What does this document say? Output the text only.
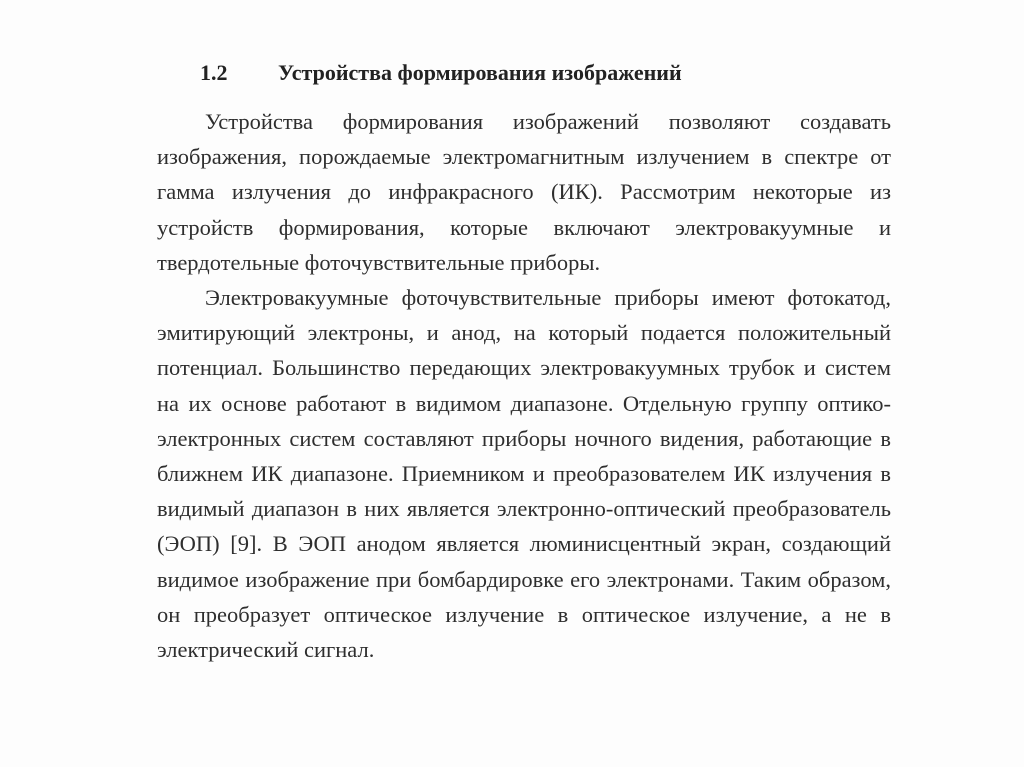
1.2 Устройства формирования изображений

Устройства формирования изображений позволяют создавать изображения, порождаемые электромагнитным излучением в спектре от гамма излучения до инфракрасного (ИК). Рассмотрим некоторые из устройств формирования, которые включают электровакуумные и твердотельные фоточувствительные приборы.

Электровакуумные фоточувствительные приборы имеют фотокатод, эмитирующий электроны, и анод, на который подается положительный потенциал. Большинство передающих электровакуумных трубок и систем на их основе работают в видимом диапазоне. Отдельную группу оптико-электронных систем составляют приборы ночного видения, работающие в ближнем ИК диапазоне. Приемником и преобразователем ИК излучения в видимый диапазон в них является электронно-оптический преобразователь (ЭОП) [9]. В ЭОП анодом является люминисцентный экран, создающий видимое изображение при бомбардировке его электронами. Таким образом, он преобразует оптическое излучение в оптическое излучение, а не в электрический сигнал.
